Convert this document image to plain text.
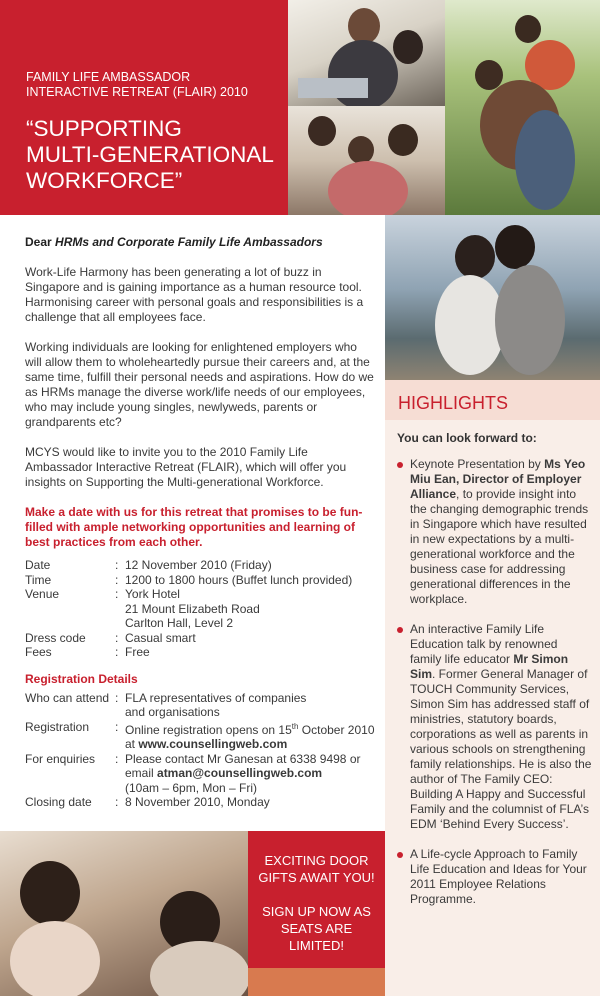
FAMILY LIFE AMBASSADOR
INTERACTIVE RETREAT (FLAIR) 2010
“SUPPORTING
MULTI-GENERATIONAL
WORKFORCE”

Dear HRMs and Corporate Family Life Ambassadors

Work-Life Harmony has been generating a lot of buzz in Singapore and is gaining importance as a human resource tool. Harmonising career with personal goals and responsibilities is a challenge that all employees face.

Working individuals are looking for enlightened employers who will allow them to wholeheartedly pursue their careers and, at the same time, fulfill their personal needs and aspirations. How do we as HRMs manage the diverse work/life needs of our employees, who may include young singles, newlyweds, parents or grandparents etc?

MCYS would like to invite you to the 2010 Family Life Ambassador Interactive Retreat (FLAIR), which will offer you insights on Supporting the Multi-generational Workforce.

Make a date with us for this retreat that promises to be fun-filled with ample networking opportunities and learning of best practices from each other.

Date	: 12 November 2010 (Friday)
Time	: 1200 to 1800 hours (Buffet lunch provided)
Venue	: York Hotel
21 Mount Elizabeth Road
Carlton Hall, Level 2
Dress code	: Casual smart
Fees	: Free
Registration Details
Who can attend : FLA representatives of companies
and organisations
Registration	: Online registration opens on 15th October 2010
at www.counsellingweb.com
For enquiries	: Please contact Mr Ganesan at 6338 9498 or
email atman@counsellingweb.com
(10am – 6pm, Mon – Fri)
Closing date	: 8 November 2010, Monday
HIGHLIGHTS
You can look forward to:
Keynote Presentation by Ms Yeo Miu Ean, Director of Employer Alliance, to provide insight into the changing demographic trends in Singapore which have resulted in new expectations by a multi-generational workforce and the business case for addressing generational differences in the workplace.
An interactive Family Life Education talk by renowned family life educator Mr Simon Sim. Former General Manager of TOUCH Community Services, Simon Sim has addressed staff of ministries, statutory boards, corporations as well as parents in various schools on strengthening family relationships. He is also the author of The Family CEO: Building A Happy and Successful Family and the columnist of FLA’s EDM ‘Behind Every Success’.
A Life-cycle Approach to Family Life Education and Ideas for Your 2011 Employee Relations Programme.
EXCITING DOOR
GIFTS AWAIT YOU!
SIGN UP NOW AS
SEATS ARE
LIMITED!
